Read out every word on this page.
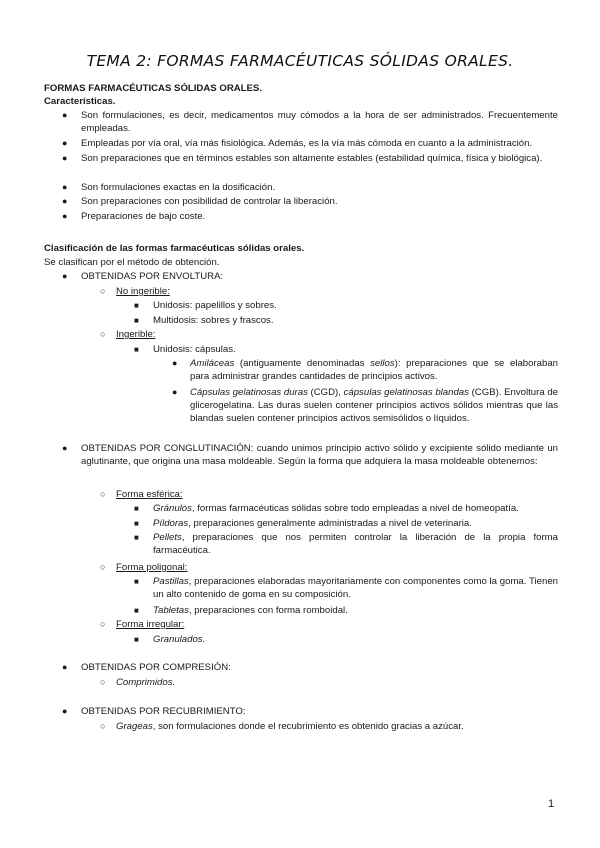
TEMA 2: FORMAS FARMACÉUTICAS SÓLIDAS ORALES.
FORMAS FARMACÉUTICAS SÓLIDAS ORALES.
Características.
● Son formulaciones, es decir, medicamentos muy cómodos a la hora de ser administrados. Frecuentemente empleadas.
● Empleadas por vía oral, vía más fisiológica. Además, es la vía más cómoda en cuanto a la administración.
● Son preparaciones que en términos estables son altamente estables (estabilidad química, física y biológica).
● Son formulaciones exactas en la dosificación.
● Son preparaciones con posibilidad de controlar la liberación.
● Preparaciones de bajo coste.
Clasificación de las formas farmacéuticas sólidas orales.
Se clasifican por el método de obtención.
● OBTENIDAS POR ENVOLTURA:
○ No ingerible:
■ Unidosis: papelillos y sobres.
■ Multidosis: sobres y frascos.
○ Ingerible:
■ Unidosis: cápsulas.
● Amiláceas (antiguamente denominadas sellos): preparaciones que se elaboraban para administrar grandes cantidades de principios activos.
● Cápsulas gelatinosas duras (CGD), cápsulas gelatinosas blandas (CGB). Envoltura de glicerogelatina. Las duras suelen contener principios activos sólidos mientras que las blandas suelen contener principios activos semisólidos o líquidos.
● OBTENIDAS POR CONGLUTINACIÓN: cuando unimos principio activo sólido y excipiente sólido mediante un aglutinante, que origina una masa moldeable. Según la forma que adquiera la masa moldeable obtenemos:
○ Forma esférica:
■ Gránulos, formas farmacéuticas sólidas sobre todo empleadas a nivel de homeopatía.
■ Píldoras, preparaciones generalmente administradas a nivel de veterinaria.
■ Pellets, preparaciones que nos permiten controlar la liberación de la propia forma farmacéutica.
○ Forma poligonal:
■ Pastillas, preparaciones elaboradas mayoritariamente con componentes como la goma. Tienen un alto contenido de goma en su composición.
■ Tabletas, preparaciones con forma romboidal.
○ Forma irregular:
■ Granulados.
● OBTENIDAS POR COMPRESIÓN:
○ Comprimidos.
● OBTENIDAS POR RECUBRIMIENTO:
○ Grageas, son formulaciones donde el recubrimiento es obtenido gracias a azúcar.
1
